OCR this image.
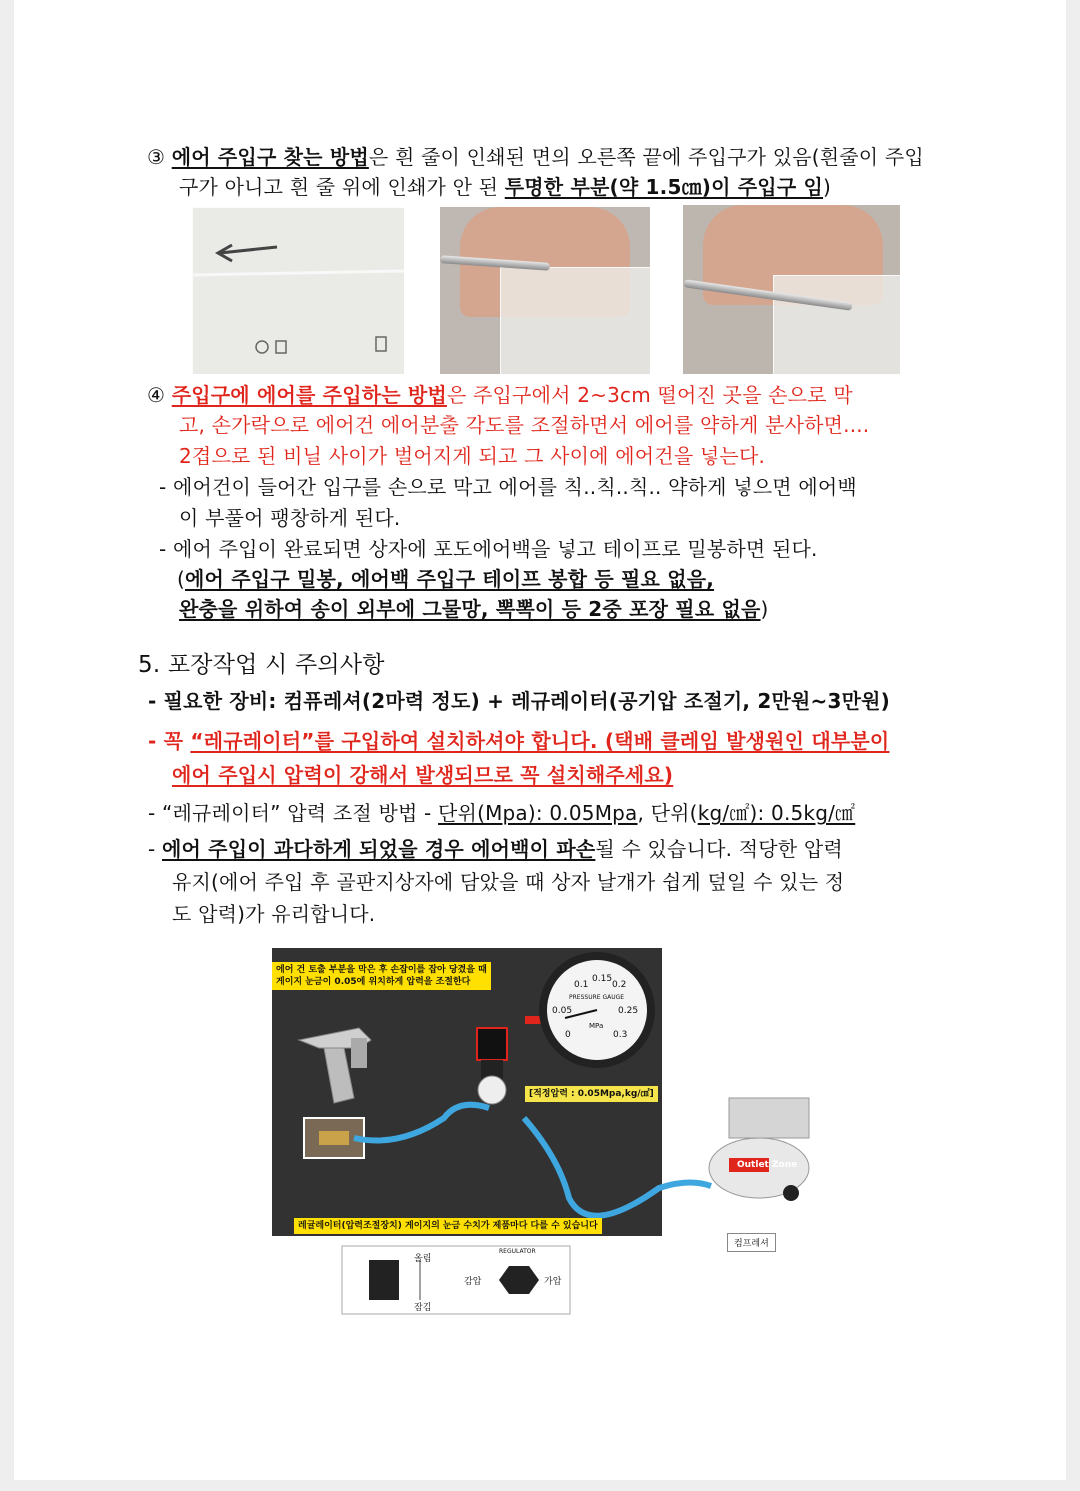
③ 에어 주입구 찾는 방법은 흰 줄이 인쇄된 면의 오른쪽 끝에 주입구가 있음(흰줄이 주입
구가 아니고 흰 줄 위에 인쇄가 안 된 투명한 부분(약 1.5㎝)이 주입구 임)
④ 주입구에 에어를 주입하는 방법은 주입구에서 2~3cm 떨어진 곳을 손으로 막
고, 손가락으로 에어건 에어분출 각도를 조절하면서 에어를 약하게 분사하면....
2겹으로 된 비닐 사이가 벌어지게 되고 그 사이에 에어건을 넣는다.
- 에어건이 들어간 입구를 손으로 막고 에어를 칙..칙..칙.. 약하게 넣으면 에어백
이 부풀어 팽창하게 된다.
- 에어 주입이 완료되면 상자에 포도에어백을 넣고 테이프로 밀봉하면 된다.
(에어 주입구 밀봉, 에어백 주입구 테이프 봉합 등 필요 없음,
완충을 위하여 송이 외부에 그물망, 뽁뽁이 등 2중 포장 필요 없음)
5. 포장작업 시 주의사항
- 필요한 장비: 컴퓨레셔(2마력 정도) + 레규레이터(공기압 조절기, 2만원~3만원)
- 꼭 “레규레이터”를 구입하여 설치하셔야 합니다. (택배 클레임 발생원인 대부분이
에어 주입시 압력이 강해서 발생되므로 꼭 설치해주세요)
- “레규레이터” 압력 조절 방법 - 단위(Mpa): 0.05Mpa, 단위(kg/㎠): 0.5kg/㎠
- 에어 주입이 과다하게 되었을 경우 에어백이 파손될 수 있습니다. 적당한 압력
유지(에어 주입 후 골판지상자에 담았을 때 상자 날개가 쉽게 덮일 수 있는 정
도 압력)가 유리합니다.
에어 건 토출 부분을 막은 후 손잡이를 잡아 당겼을 때
게이지 눈금이 0.05에 위치하게 압력을 조절한다	0.1
0.15
0.2
0.05	0.25
0	0.3
PRESSURE GAUGE
MPa
[적정압력 : 0.05Mpa,kg/㎠]
레귤레이터(압력조절장치) 게이지의 눈금 수치가 제품마다 다를 수 있습니다
올림
잠김
REGULATOR
감압	가압
Outlet Zone
컴프레셔
